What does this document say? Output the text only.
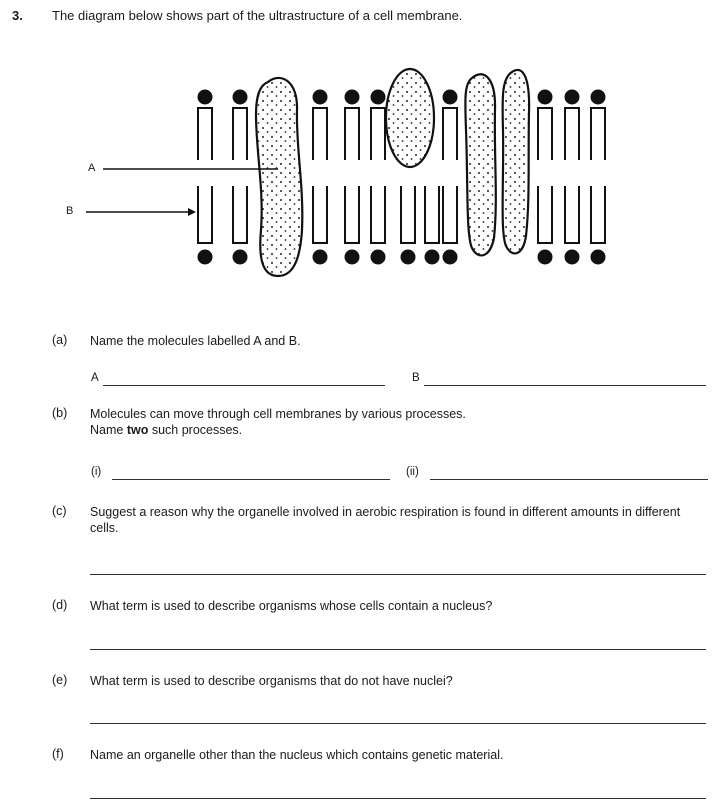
3. The diagram below shows part of the ultrastructure of a cell membrane.
A
B
(a) Name the molecules labelled A and B.
A	B
(b) Molecules can move through cell membranes by various processes.
Name two such processes.
(i)	(ii)
(c) Suggest a reason why the organelle involved in aerobic respiration is found in different amounts in different cells.
(d) What term is used to describe organisms whose cells contain a nucleus?
(e) What term is used to describe organisms that do not have nuclei?
(f) Name an organelle other than the nucleus which contains genetic material.
